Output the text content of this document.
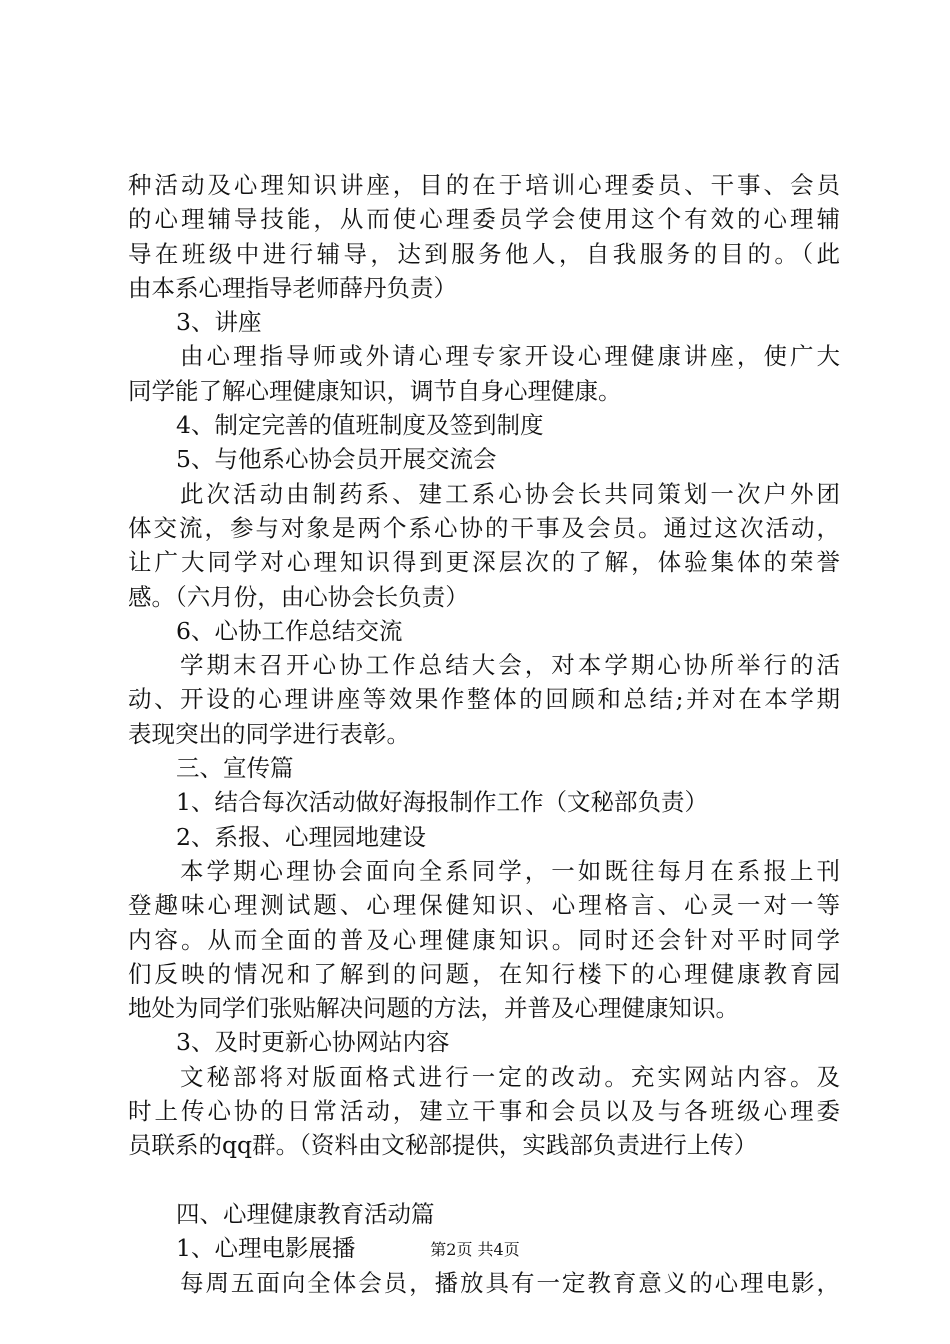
种活动及心理知识讲座，目的在于培训心理委员、干事、会员
的心理辅导技能，从而使心理委员学会使用这个有效的心理辅
导在班级中进行辅导，达到服务他人，自我服务的目的。（此
由本系心理指导老师薛丹负责）
3、讲座
由心理指导师或外请心理专家开设心理健康讲座，使广大
同学能了解心理健康知识，调节自身心理健康。
4、制定完善的值班制度及签到制度
5、与他系心协会员开展交流会
此次活动由制药系、建工系心协会长共同策划一次户外团
体交流，参与对象是两个系心协的干事及会员。通过这次活动，
让广大同学对心理知识得到更深层次的了解，体验集体的荣誉
感。（六月份，由心协会长负责）
6、心协工作总结交流
学期末召开心协工作总结大会，对本学期心协所举行的活
动、开设的心理讲座等效果作整体的回顾和总结;并对在本学期
表现突出的同学进行表彰。
三、宣传篇
1、结合每次活动做好海报制作工作（文秘部负责）
2、系报、心理园地建设
本学期心理协会面向全系同学，一如既往每月在系报上刊
登趣味心理测试题、心理保健知识、心理格言、心灵一对一等
内容。从而全面的普及心理健康知识。同时还会针对平时同学
们反映的情况和了解到的问题，在知行楼下的心理健康教育园
地处为同学们张贴解决问题的方法，并普及心理健康知识。
3、及时更新心协网站内容
文秘部将对版面格式进行一定的改动。充实网站内容。及
时上传心协的日常活动，建立干事和会员以及与各班级心理委
员联系的qq群。（资料由文秘部提供，实践部负责进行上传）
四、心理健康教育活动篇
1、心理电影展播
每周五面向全体会员，播放具有一定教育意义的心理电影，
第2页 共4页
